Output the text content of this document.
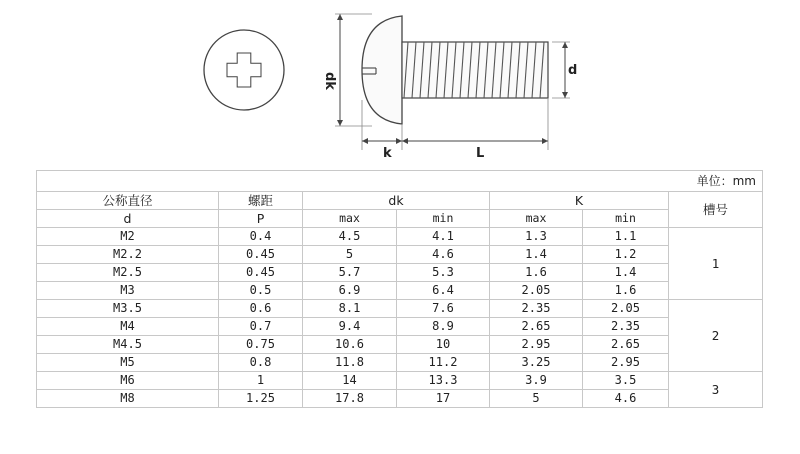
dk
d
k	L
单位：mm						
公称直径	螺距	dk		K		槽号
d	P	max	min	max	min	
M2	0.4	4.5	4.1	1.3	1.1	1
M2.2	0.45	5	4.6	1.4	1.2	
M2.5	0.45	5.7	5.3	1.6	1.4	
M3	0.5	6.9	6.4	2.05	1.6	
M3.5	0.6	8.1	7.6	2.35	2.05	2
M4	0.7	9.4	8.9	2.65	2.35	
M4.5	0.75	10.6	10	2.95	2.65	
M5	0.8	11.8	11.2	3.25	2.95	
M6	1	14	13.3	3.9	3.5	3
M8	1.25	17.8	17	5	4.6	
